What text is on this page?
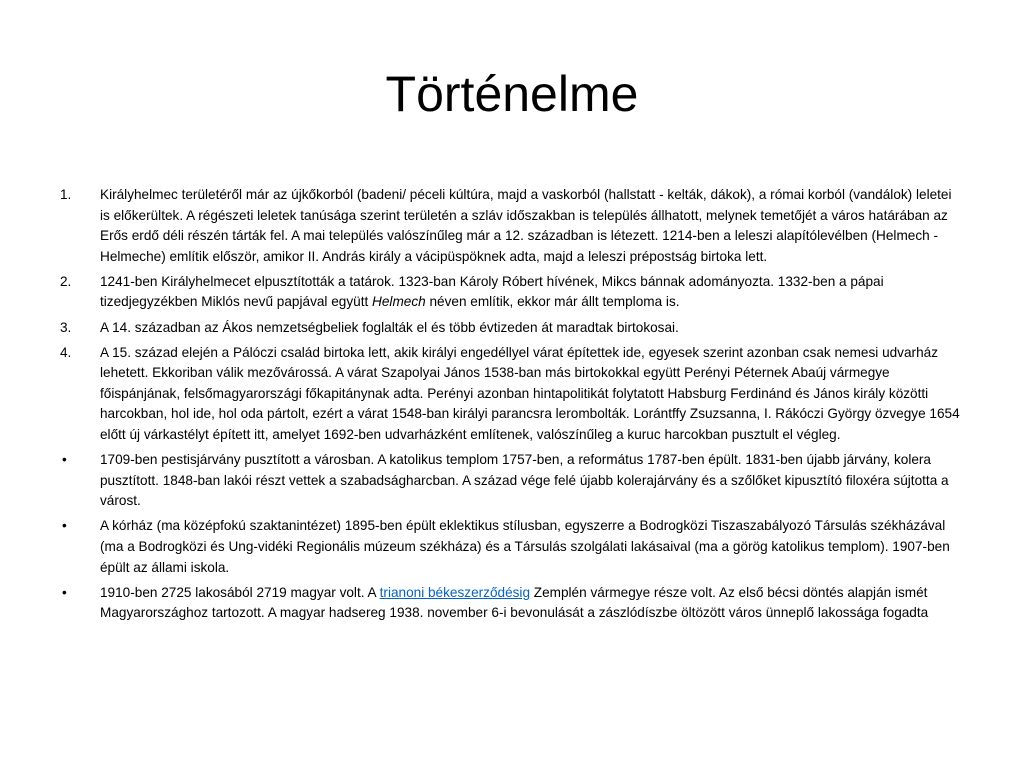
Történelme
1.	Királyhelmec területéről már az újkőkorból (badeni/ péceli kúltúra, majd a vaskorból (hallstatt - kelták, dákok), a római korból (vandálok) leletei is előkerültek. A régészeti leletek tanúsága szerint területén a szláv időszakban is település állhatott, melynek temetőjét a város határában az Erős erdő déli részén tárták fel. A mai település valószínűleg már a 12. században is létezett. 1214-ben a leleszi alapítólevélben (Helmech - Helmeche) említik először, amikor II. András király a vácipüspöknek adta, majd a leleszi prépostság birtoka lett.
2.	1241-ben Királyhelmecet elpusztították a tatárok. 1323-ban Károly Róbert hívének, Mikcs bánnak adományozta. 1332-ben a pápai tizedjegyzékben Miklós nevű papjával együtt Helmech néven említik, ekkor már állt temploma is.
3.	A 14. században az Ákos nemzetségbeliek foglalták el és több évtizeden át maradtak birtokosai.
4.	A 15. század elején a Pálóczi család birtoka lett, akik királyi engedéllyel várat építettek ide, egyesek szerint azonban csak nemesi udvarház lehetett. Ekkoriban válik mezővárossá. A várat Szapolyai János 1538-ban más birtokokkal együtt Perényi Péternek Abaúj vármegye főispánjának, felsőmagyarországi főkapitánynak adta. Perényi azonban hintapolitikát folytatott Habsburg Ferdinánd és János király közötti harcokban, hol ide, hol oda pártolt, ezért a várat 1548-ban királyi parancsra lerombolták. Lorántffy Zsuzsanna, I. Rákóczi György özvegye 1654 előtt új várkastélyt épített itt, amelyet 1692-ben udvarházként említenek, valószínűleg a kuruc harcokban pusztult el végleg.
•	1709-ben pestisjárvány pusztított a városban. A katolikus templom 1757-ben, a református 1787-ben épült. 1831-ben újabb járvány, kolera pusztított. 1848-ban lakói részt vettek a szabadságharcban. A század vége felé újabb kolerajárvány és a szőlőket kipusztító filoxéra sújtotta a várost.
•	A kórház (ma középfokú szaktanintézet) 1895-ben épült eklektikus stílusban, egyszerre a Bodrogközi Tiszaszabályozó Társulás székházával (ma a Bodrogközi és Ung-vidéki Regionális múzeum székháza) és a Társulás szolgálati lakásaival (ma a görög katolikus templom). 1907-ben épült az állami iskola.
•	1910-ben 2725 lakosából 2719 magyar volt. A trianoni békeszerződésig Zemplén vármegye része volt. Az első bécsi döntés alapján ismét Magyarországhoz tartozott. A magyar hadsereg 1938. november 6-i bevonulását a zászlódíszbe öltözött város ünneplő lakossága fogadta
